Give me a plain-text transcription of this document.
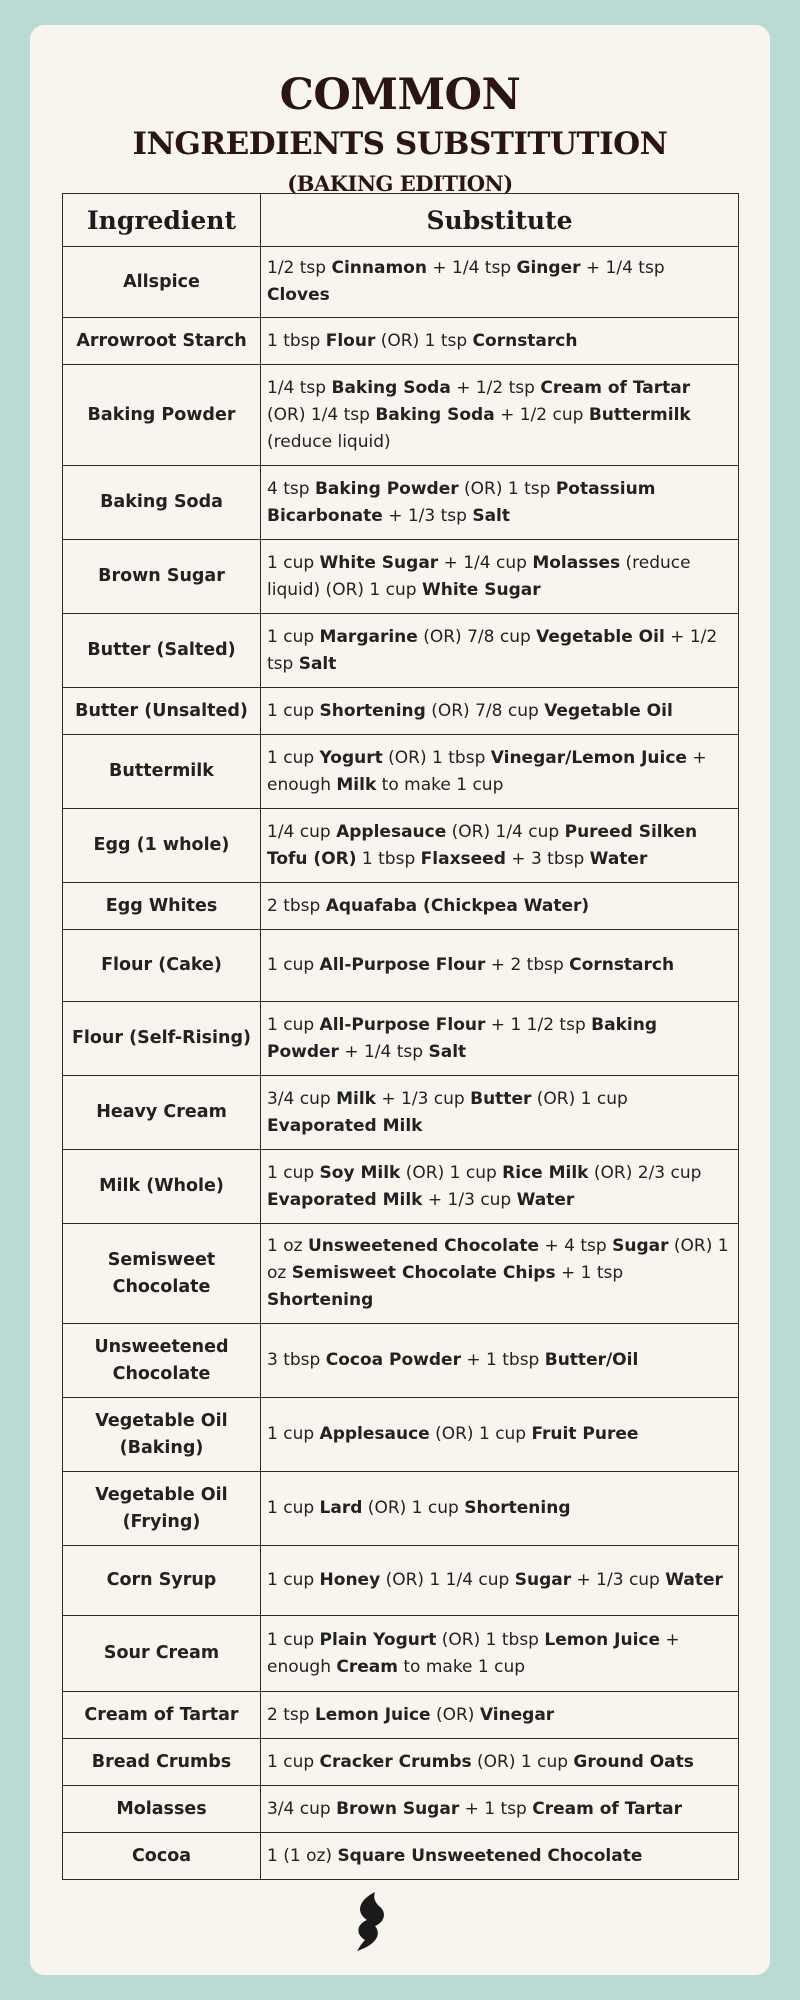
COMMON
INGREDIENTS SUBSTITUTION
(BAKING EDITION)
Ingredient	Substitute
Allspice	1/2 tsp Cinnamon + 1/4 tsp Ginger + 1/4 tsp Cloves
Arrowroot Starch	1 tbsp Flour (OR) 1 tsp Cornstarch
Baking Powder	1/4 tsp Baking Soda + 1/2 tsp Cream of Tartar (OR) 1/4 tsp Baking Soda + 1/2 cup Buttermilk (reduce liquid)
Baking Soda	4 tsp Baking Powder (OR) 1 tsp Potassium Bicarbonate + 1/3 tsp Salt
Brown Sugar	1 cup White Sugar + 1/4 cup Molasses (reduce liquid) (OR) 1 cup White Sugar
Butter (Salted)	1 cup Margarine (OR) 7/8 cup Vegetable Oil + 1/2 tsp Salt
Butter (Unsalted)	1 cup Shortening (OR) 7/8 cup Vegetable Oil
Buttermilk	1 cup Yogurt (OR) 1 tbsp Vinegar/Lemon Juice + enough Milk to make 1 cup
Egg (1 whole)	1/4 cup Applesauce (OR) 1/4 cup Pureed Silken Tofu (OR) 1 tbsp Flaxseed + 3 tbsp Water
Egg Whites	2 tbsp Aquafaba (Chickpea Water)
Flour (Cake)	1 cup All-Purpose Flour + 2 tbsp Cornstarch
Flour (Self-Rising)	1 cup All-Purpose Flour + 1 1/2 tsp Baking Powder + 1/4 tsp Salt
Heavy Cream	3/4 cup Milk + 1/3 cup Butter (OR) 1 cup Evaporated Milk
Milk (Whole)	1 cup Soy Milk (OR) 1 cup Rice Milk (OR) 2/3 cup Evaporated Milk + 1/3 cup Water
Semisweet Chocolate	1 oz Unsweetened Chocolate + 4 tsp Sugar (OR) 1 oz Semisweet Chocolate Chips + 1 tsp Shortening
Unsweetened Chocolate	3 tbsp Cocoa Powder + 1 tbsp Butter/Oil
Vegetable Oil (Baking)	1 cup Applesauce (OR) 1 cup Fruit Puree
Vegetable Oil (Frying)	1 cup Lard (OR) 1 cup Shortening
Corn Syrup	1 cup Honey (OR) 1 1/4 cup Sugar + 1/3 cup Water
Sour Cream	1 cup Plain Yogurt (OR) 1 tbsp Lemon Juice + enough Cream to make 1 cup
Cream of Tartar	2 tsp Lemon Juice (OR) Vinegar
Bread Crumbs	1 cup Cracker Crumbs (OR) 1 cup Ground Oats
Molasses	3/4 cup Brown Sugar + 1 tsp Cream of Tartar
Cocoa	1 (1 oz) Square Unsweetened Chocolate
